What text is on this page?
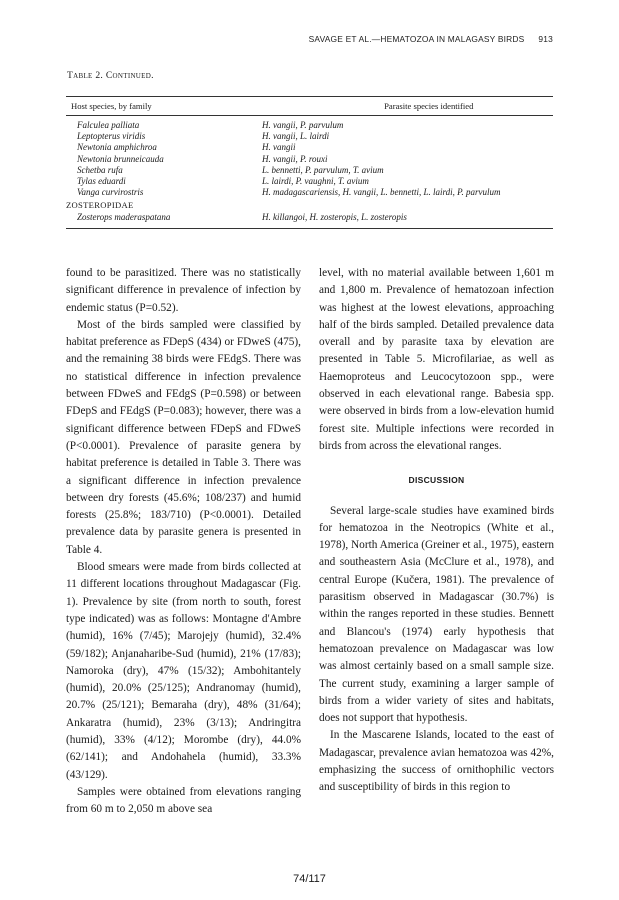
SAVAGE ET AL.—HEMATOZOA IN MALAGASY BIRDS 913
Table 2. Continued.
Host species, by family	Parasite species identified
Falculea palliata	H. vangii, P. parvulum
Leptopterus viridis	H. vangii, L. lairdi
Newtonia amphichroa	H. vangii
Newtonia brunneicauda	H. vangii, P. rouxi
Schetba rufa	L. bennetti, P. parvulum, T. avium
Tylas eduardi	L. lairdi, P. vaughni, T. avium
Vanga curvirostris	H. madagascariensis, H. vangii, L. bennetti, L. lairdi, P. parvulum
ZOSTEROPIDAE	
Zosterops maderaspatana	H. killangoi, H. zosteropis, L. zosteropis

found to be parasitized. There was no statistically significant difference in prevalence of infection by endemic status (P=0.52).

Most of the birds sampled were classified by habitat preference as FDepS (434) or FDweS (475), and the remaining 38 birds were FEdgS. There was no statistical difference in infection prevalence between FDweS and FEdgS (P=0.598) or between FDepS and FEdgS (P=0.083); however, there was a significant difference between FDepS and FDweS (P<0.0001). Prevalence of parasite genera by habitat preference is detailed in Table 3. There was a significant difference in infection prevalence between dry forests (45.6%; 108/237) and humid forests (25.8%; 183/710) (P<0.0001). Detailed prevalence data by parasite genera is presented in Table 4.

Blood smears were made from birds collected at 11 different locations throughout Madagascar (Fig. 1). Prevalence by site (from north to south, forest type indicated) was as follows: Montagne d'Ambre (humid), 16% (7/45); Marojejy (humid), 32.4% (59/182); Anjanaharibe-Sud (humid), 21% (17/83); Namoroka (dry), 47% (15/32); Ambohitantely (humid), 20.0% (25/125); Andranomay (humid), 20.7% (25/121); Bemaraha (dry), 48% (31/64); Ankaratra (humid), 23% (3/13); Andringitra (humid), 33% (4/12); Morombe (dry), 44.0% (62/141); and Andohahela (humid), 33.3% (43/129).

Samples were obtained from elevations ranging from 60 m to 2,050 m above sea

level, with no material available between 1,601 m and 1,800 m. Prevalence of hematozoan infection was highest at the lowest elevations, approaching half of the birds sampled. Detailed prevalence data overall and by parasite taxa by elevation are presented in Table 5. Microfilariae, as well as Haemoproteus and Leucocytozoon spp., were observed in each elevational range. Babesia spp. were observed in birds from a low-elevation humid forest site. Multiple infections were recorded in birds from across the elevational ranges.

DISCUSSION

Several large-scale studies have examined birds for hematozoa in the Neotropics (White et al., 1978), North America (Greiner et al., 1975), eastern and southeastern Asia (McClure et al., 1978), and central Europe (Kučera, 1981). The prevalence of parasitism observed in Madagascar (30.7%) is within the ranges reported in these studies. Bennett and Blancou's (1974) early hypothesis that hematozoan prevalence on Madagascar was low was almost certainly based on a small sample size. The current study, examining a larger sample of birds from a wider variety of sites and habitats, does not support that hypothesis.

In the Mascarene Islands, located to the east of Madagascar, prevalence avian hematozoa was 42%, emphasizing the success of ornithophilic vectors and susceptibility of birds in this region to

74/117
